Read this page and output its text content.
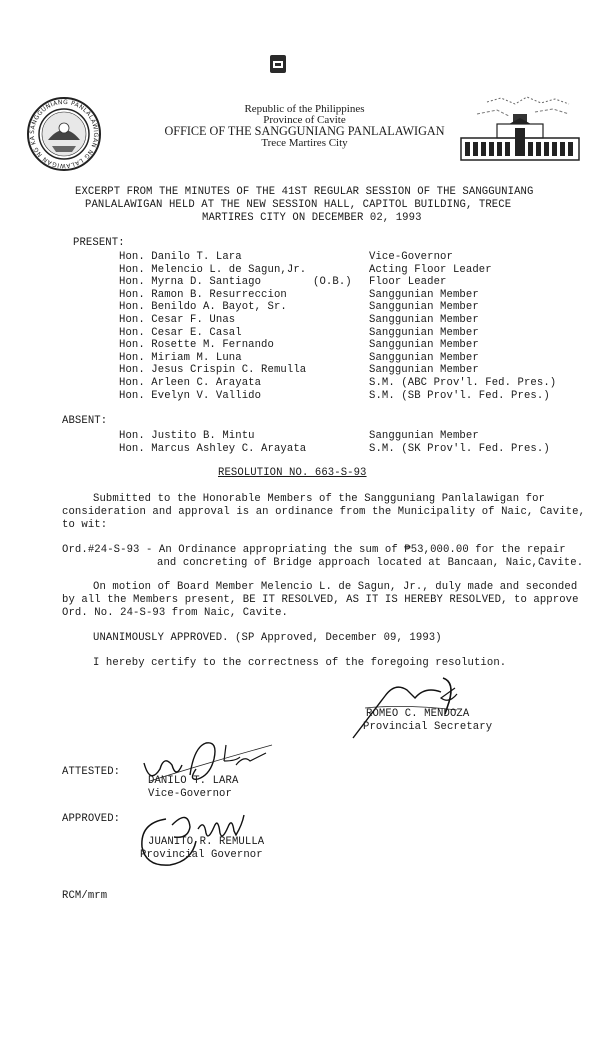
SANGGUNIANG PANLALAWIGAN NG LALAWIGAN NG KABITE
Republic of the Philippines
Province of Cavite
OFFICE OF THE SANGGUNIANG PANLALAWIGAN
Trece Martires City
EXCERPT FROM THE MINUTES OF THE 41ST REGULAR SESSION OF THE SANGGUNIANG
PANLALAWIGAN HELD AT THE NEW SESSION HALL, CAPITOL BUILDING, TRECE
MARTIRES CITY ON DECEMBER 02, 1993
PRESENT:
Hon. Danilo T. Lara	Vice-Governor
Hon. Melencio L. de Sagun,Jr.	Acting Floor Leader
Hon. Myrna D. Santiago	(O.B.) Floor Leader
Hon. Ramon B. Resurreccion	Sanggunian Member
Hon. Benildo A. Bayot, Sr.	Sanggunian Member
Hon. Cesar F. Unas	Sanggunian Member
Hon. Cesar E. Casal	Sanggunian Member
Hon. Rosette M. Fernando	Sanggunian Member
Hon. Miriam M. Luna	Sanggunian Member
Hon. Jesus Crispin C. Remulla	Sanggunian Member
Hon. Arleen C. Arayata	S.M. (ABC Prov'l. Fed. Pres.)
Hon. Evelyn V. Vallido	S.M. (SB Prov'l. Fed. Pres.)
ABSENT:
Hon. Justito B. Mintu	Sanggunian Member
Hon. Marcus Ashley C. Arayata	S.M. (SK Prov'l. Fed. Pres.)
RESOLUTION NO. 663-S-93
Submitted to the Honorable Members of the Sangguniang Panlalawigan for
consideration and approval is an ordinance from the Municipality of Naic, Cavite,
to wit:
Ord.#24-S-93 - An Ordinance appropriating the sum of ₱53,000.00 for the repair
and concreting of Bridge approach located at Bancaan, Naic,Cavite.
On motion of Board Member Melencio L. de Sagun, Jr., duly made and seconded
by all the Members present, BE IT RESOLVED, AS IT IS HEREBY RESOLVED, to approve
Ord. No. 24-S-93 from Naic, Cavite.
UNANIMOUSLY APPROVED. (SP Approved, December 09, 1993)
I hereby certify to the correctness of the foregoing resolution.
ROMEO C. MENDOZA
Provincial Secretary
ATTESTED:
DANILO T. LARA
Vice-Governor
APPROVED:
JUANITO R. REMULLA
Provincial Governor
RCM/mrm
